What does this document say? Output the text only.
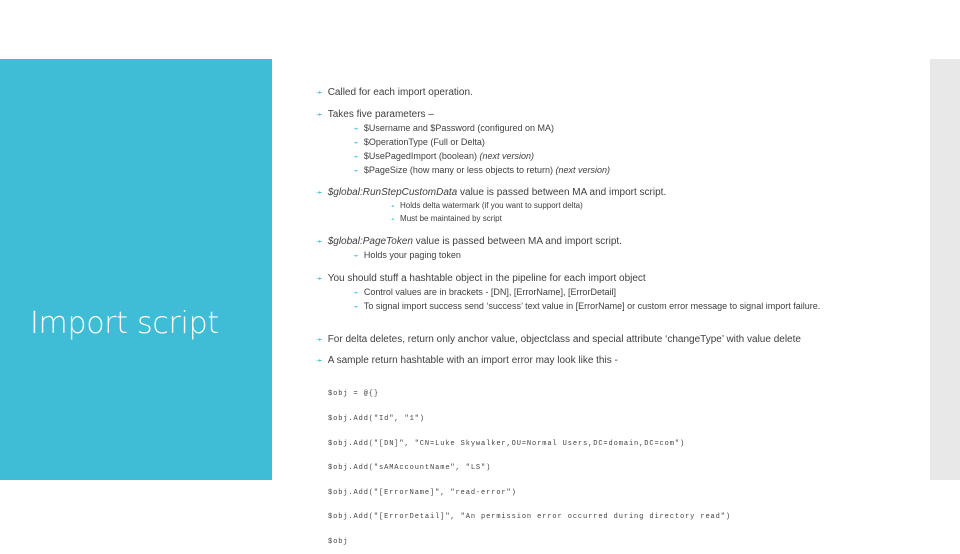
Import script
➛ Called for each import operation.
➛ Takes five parameters –
➛ $Username and $Password (configured on MA)
➛ $OperationType (Full or Delta)
➛ $UsePagedImport (boolean) (next version)
➛ $PageSize (how many or less objects to return) (next version)
➛ $global:RunStepCustomData value is passed between MA and import script.
➛ Holds delta watermark (if you want to support delta)
➛ Must be maintained by script
➛ $global:PageToken value is passed between MA and import script.
➛ Holds your paging token
➛ You should stuff a hashtable object in the pipeline for each import object
➛ Control values are in brackets - [DN], [ErrorName], [ErrorDetail]
➛ To signal import success send ‘success’ text value in [ErrorName] or custom error message to signal import failure.
➛ For delta deletes, return only anchor value, objectclass and special attribute ‘changeType’ with value delete
➛ A sample return hashtable with an import error may look like this -

$obj = @{}

$obj.Add("Id", "1")

$obj.Add("[DN]", "CN=Luke Skywalker,OU=Normal Users,DC=domain,DC=com")

$obj.Add("sAMAccountName", "LS")

$obj.Add("[ErrorName]", "read-error")

$obj.Add("[ErrorDetail]", "An permission error occurred during directory read")

$obj
